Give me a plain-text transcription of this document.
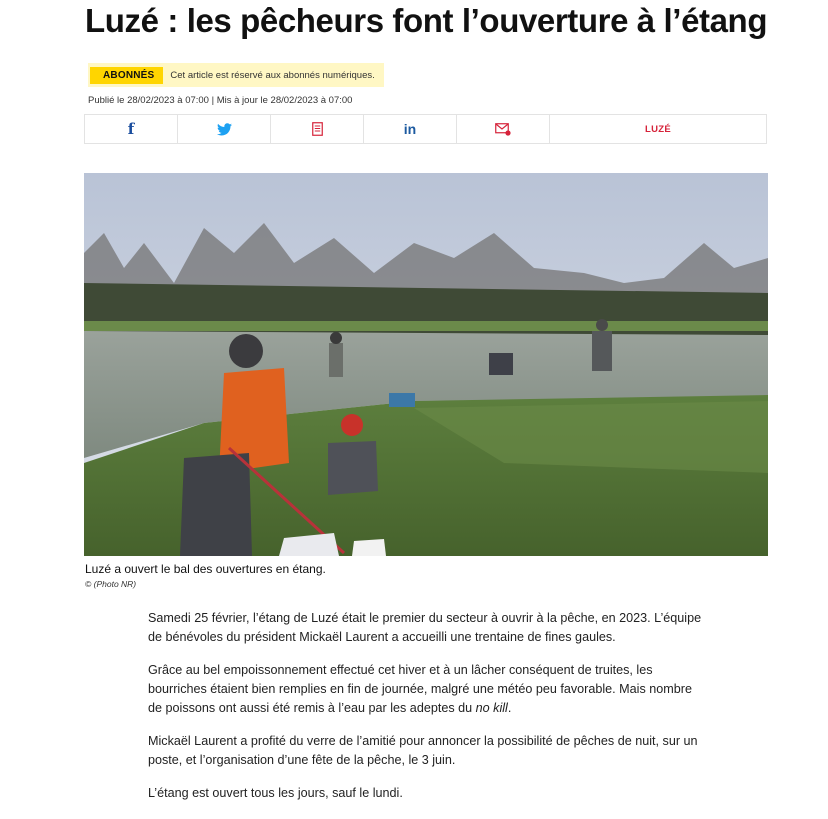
Luzé : les pêcheurs font l’ouverture à l’étang
ABONNÉS	Cet article est réservé aux abonnés numériques.
Publié le 28/02/2023 à 07:00 | Mis à jour le 28/02/2023 à 07:00
f	in	LUZÉ
Luzé a ouvert le bal des ouvertures en étang.
© (Photo NR)

Samedi 25 février, l’étang de Luzé était le premier du secteur à ouvrir à la pêche, en 2023. L’équipe de bénévoles du président Mickaël Laurent a accueilli une trentaine de fines gaules.

Grâce au bel empoissonnement effectué cet hiver et à un lâcher conséquent de truites, les bourriches étaient bien remplies en fin de journée, malgré une météo peu favorable. Mais nombre de poissons ont aussi été remis à l’eau par les adeptes du no kill.

Mickaël Laurent a profité du verre de l’amitié pour annoncer la possibilité de pêches de nuit, sur un poste, et l’organisation d’une fête de la pêche, le 3 juin.

L’étang est ouvert tous les jours, sauf le lundi.
